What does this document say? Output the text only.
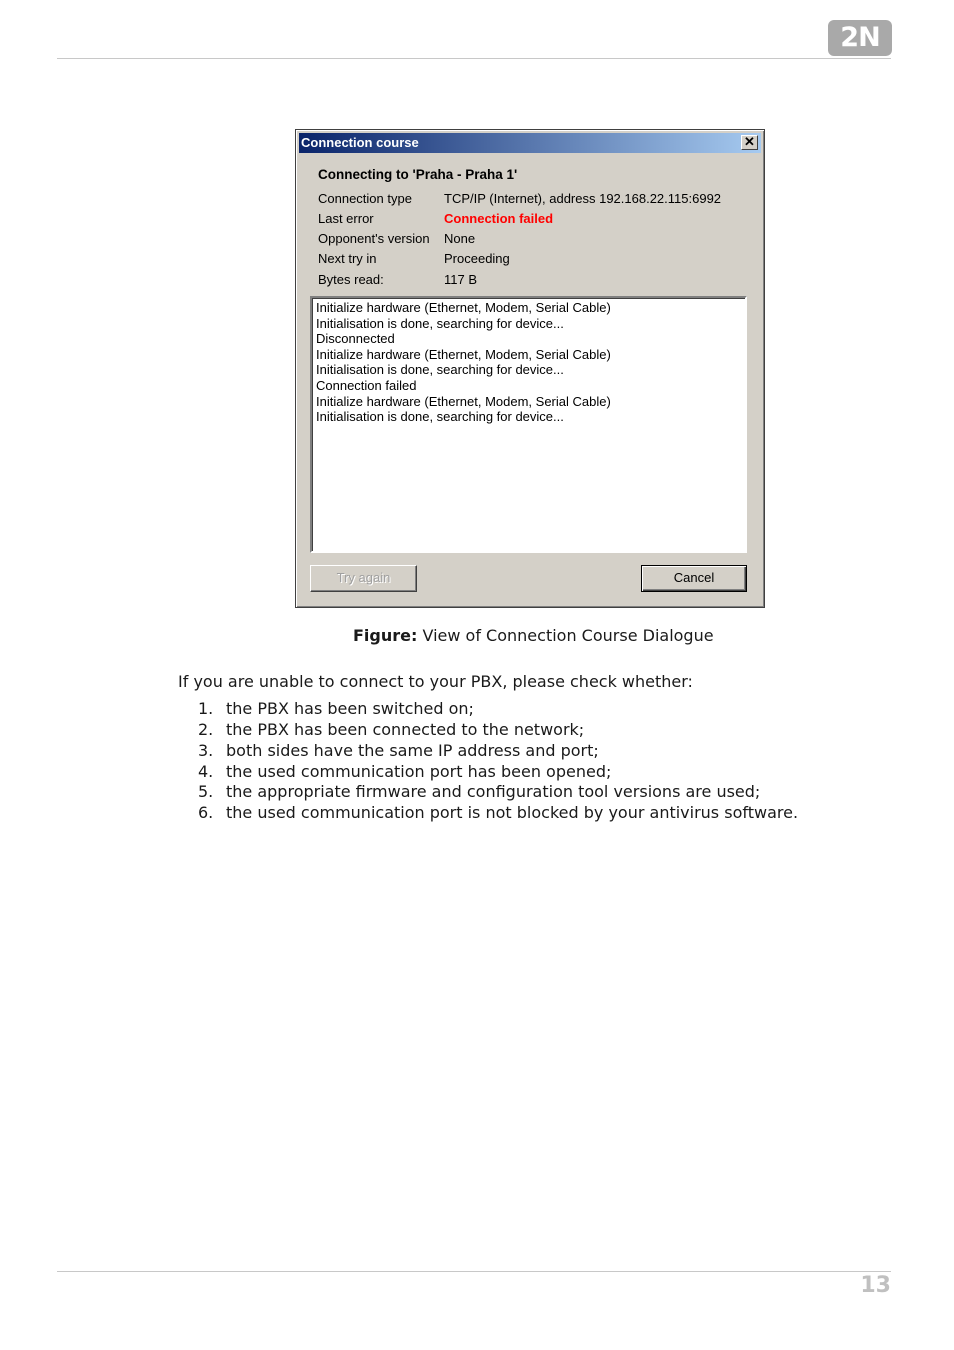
2N
Connection course	✕
Connecting to 'Praha - Praha 1'
Connection type TCP/IP (Internet), address 192.168.22.115:6992
Last error	Connection failed
Opponent's version None
Next try in	Proceeding
Bytes read:	117 B
Initialize hardware (Ethernet, Modem, Serial Cable)
Initialisation is done, searching for device...
Disconnected
Initialize hardware (Ethernet, Modem, Serial Cable)
Initialisation is done, searching for device...
Connection failed
Initialize hardware (Ethernet, Modem, Serial Cable)
Initialisation is done, searching for device...
Try again	Cancel
Figure: View of Connection Course Dialogue
If you are unable to connect to your PBX, please check whether:
1. the PBX has been switched on;
2. the PBX has been connected to the network;
3. both sides have the same IP address and port;
4. the used communication port has been opened;
5. the appropriate firmware and configuration tool versions are used;
6. the used communication port is not blocked by your antivirus software.
13
